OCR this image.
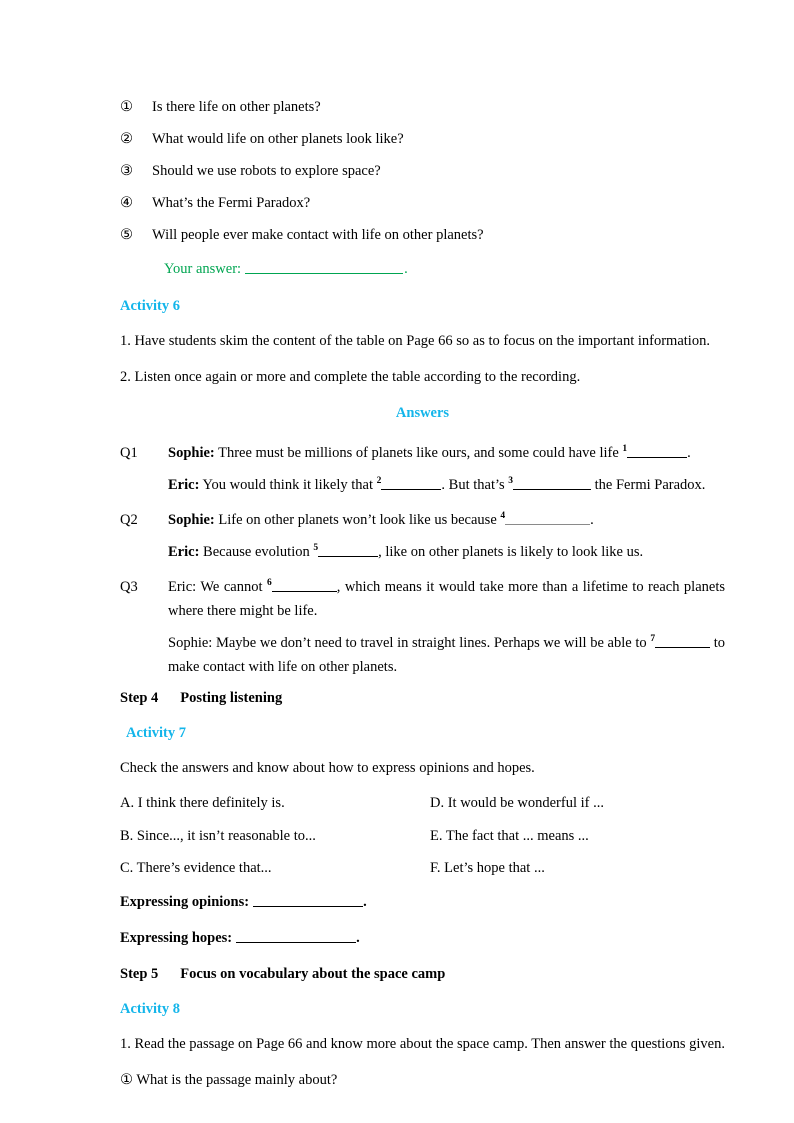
①	Is there life on other planets?
②	What would life on other planets look like?
③	Should we use robots to explore space?
④	What’s the Fermi Paradox?
⑤	Will people ever make contact with life on other planets?
Your answer:	.
Activity 6
1. Have students skim the content of the table on Page 66 so as to focus on the important information.
2. Listen once again or more and complete the table according to the recording.
Answers
Q1	Sophie: Three must be millions of planets like ours, and some could have life $^1$	.
Eric: You would think it likely that $^2$	. But that’s $^3$	the Fermi Paradox.
Q2	Sophie: Life on other planets won’t look like us because $^4$	.
Eric: Because evolution $^5$	, like on other planets is likely to look like us.
Q3	Eric: We cannot $^6$	, which means it would take more than a lifetime to reach planets where there might be life.
Sophie: Maybe we don’t need to travel in straight lines. Perhaps we will be able to $^7$	to make contact with life on other planets.
Step 4 Posting listening
Activity 7
Check the answers and know about how to express opinions and hopes.
A. I think there definitely is.	D. It would be wonderful if ...
B. Since..., it isn’t reasonable to...	E. The fact that ... means ...
C. There’s evidence that...	F. Let’s hope that ...
Expressing opinions:	.
Expressing hopes:	.
Step 5 Focus on vocabulary about the space camp
Activity 8
1. Read the passage on Page 66 and know more about the space camp. Then answer the questions given.
① What is the passage mainly about?
